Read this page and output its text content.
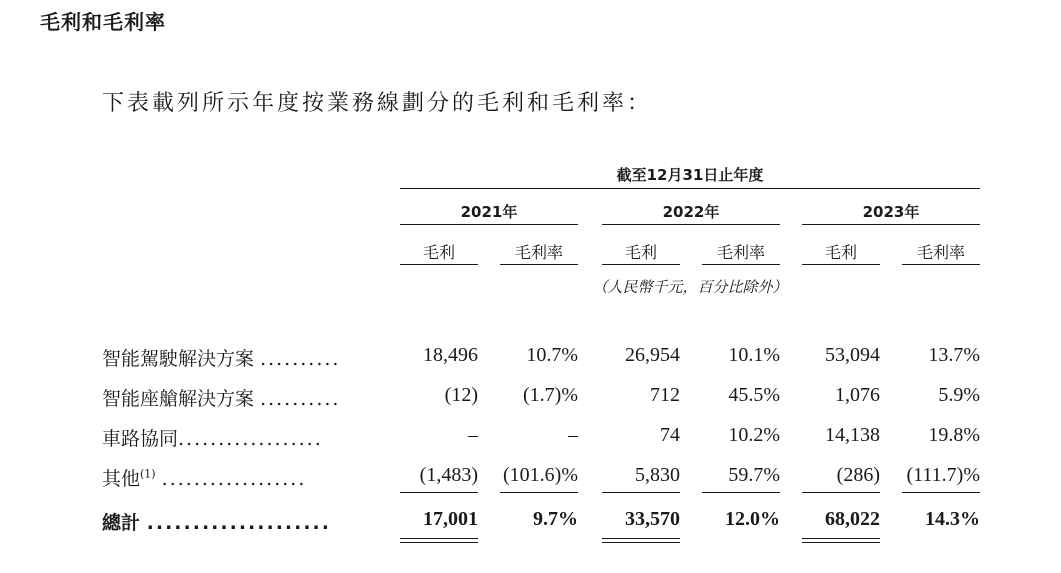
毛利和毛利率
下表載列所示年度按業務線劃分的毛利和毛利率：
截至12月31日止年度
2021年	2022年	2023年
毛利	毛利率	毛利	毛利率	毛利	毛利率
（人民幣千元，百分比除外）
智能駕駛解決方案 ..........	18,496	10.7%	26,954	10.1%	53,094	13.7%
智能座艙解決方案 ..........	(12)	(1.7)%	712	45.5%	1,076	5.9%
車路協同..................	–	–	74	10.2%	14,138	19.8%
其他$^{(1)}$ ..................	(1,483)	(101.6)%	5,830	59.7%	(286)	(111.7)%
總計 ....................	17,001	9.7%	33,570	12.0%	68,022	14.3%
